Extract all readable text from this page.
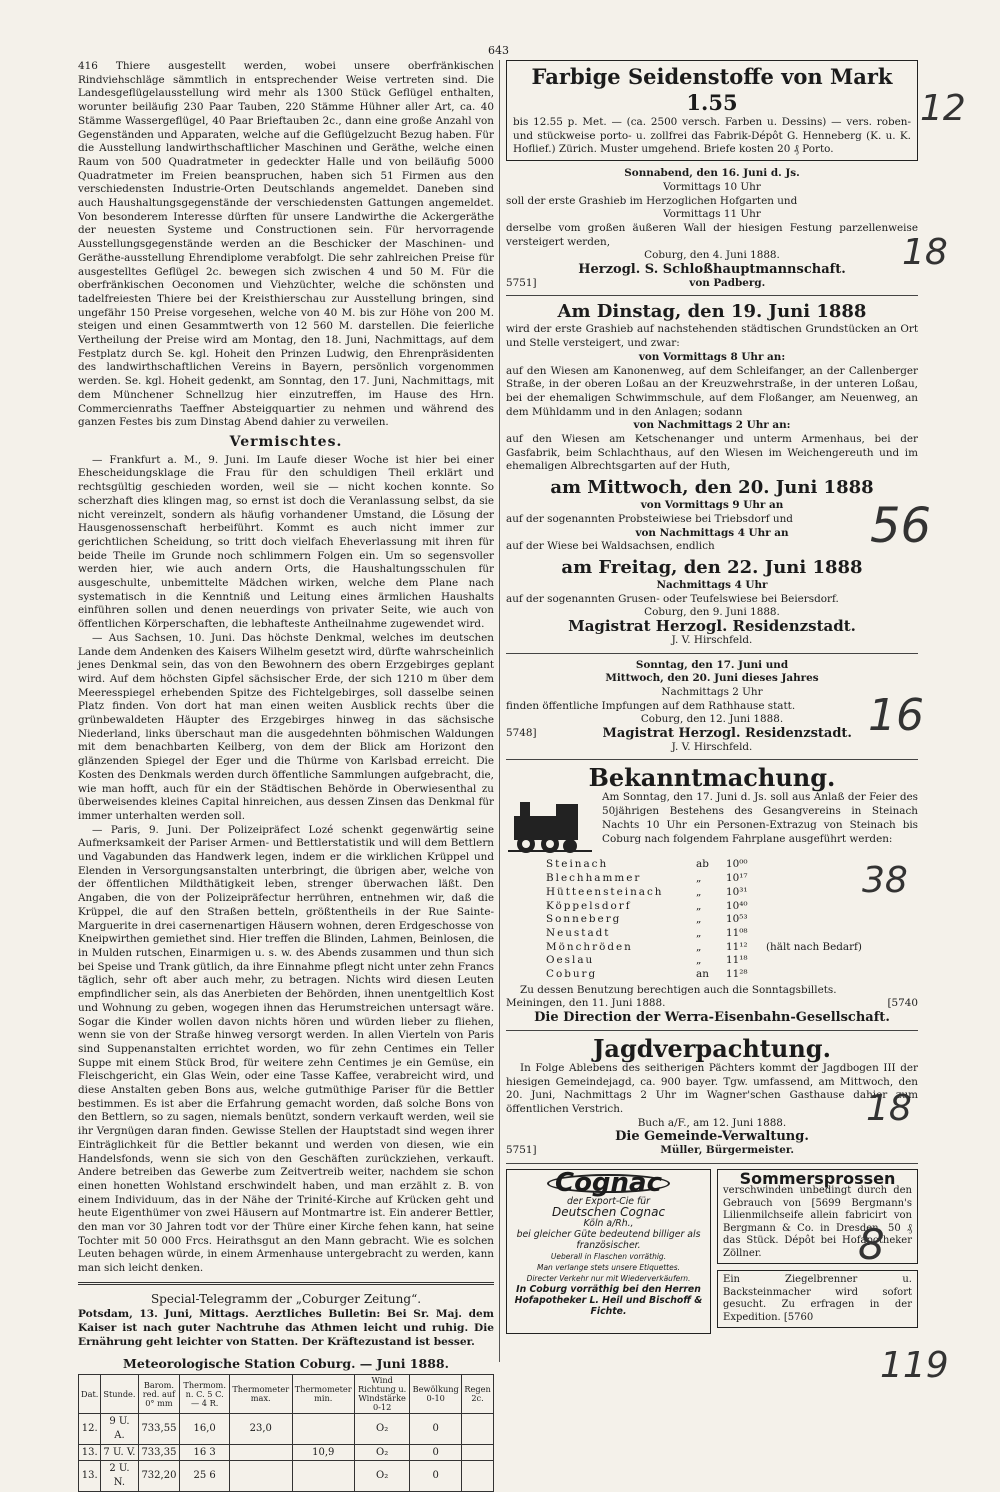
643

416 Thiere ausgestellt werden, wobei unsere oberfränkischen Rindviehschläge sämmtlich in entsprechender Weise vertreten sind. Die Landesgeflügelausstellung wird mehr als 1300 Stück Geflügel enthalten, worunter beiläufig 230 Paar Tauben, 220 Stämme Hühner aller Art, ca. 40 Stämme Wassergeflügel, 40 Paar Brieftauben 2c., dann eine große Anzahl von Gegenständen und Apparaten, welche auf die Geflügelzucht Bezug haben. Für die Ausstellung landwirthschaftlicher Maschinen und Geräthe, welche einen Raum von 500 Quadratmeter in gedeckter Halle und von beiläufig 5000 Quadratmeter im Freien beanspruchen, haben sich 51 Firmen aus den verschiedensten Industrie-Orten Deutschlands angemeldet. Daneben sind auch Haushaltungsgegenstände der verschiedensten Gattungen angemeldet. Von besonderem Interesse dürften für unsere Landwirthe die Ackergeräthe der neuesten Systeme und Constructionen sein. Für hervorragende Ausstellungsgegenstände werden an die Beschicker der Maschinen- und Geräthe-ausstellung Ehrendiplome verabfolgt. Die sehr zahlreichen Preise für ausgestelltes Geflügel 2c. bewegen sich zwischen 4 und 50 M. Für die oberfränkischen Oeconomen und Viehzüchter, welche die schönsten und tadelfreiesten Thiere bei der Kreisthierschau zur Ausstellung bringen, sind ungefähr 150 Preise vorgesehen, welche von 40 M. bis zur Höhe von 200 M. steigen und einen Gesammtwerth von 12 560 M. darstellen. Die feierliche Vertheilung der Preise wird am Montag, den 18. Juni, Nachmittags, auf dem Festplatz durch Se. kgl. Hoheit den Prinzen Ludwig, den Ehrenpräsidenten des landwirthschaftlichen Vereins in Bayern, persönlich vorgenommen werden. Se. kgl. Hoheit gedenkt, am Sonntag, den 17. Juni, Nachmittags, mit dem Münchener Schnellzug hier einzutreffen, im Hause des Hrn. Commercienraths Taeffner Absteigquartier zu nehmen und während des ganzen Festes bis zum Dinstag Abend dahier zu verweilen.

Vermischtes.

— Frankfurt a. M., 9. Juni. Im Laufe dieser Woche ist hier bei einer Ehescheidungsklage die Frau für den schuldigen Theil erklärt und rechtsgültig geschieden worden, weil sie — nicht kochen konnte. So scherzhaft dies klingen mag, so ernst ist doch die Veranlassung selbst, da sie nicht vereinzelt, sondern als häufig vorhandener Umstand, die Lösung der Hausgenossenschaft herbeiführt. Kommt es auch nicht immer zur gerichtlichen Scheidung, so tritt doch vielfach Eheverlassung mit ihren für beide Theile im Grunde noch schlimmern Folgen ein. Um so segensvoller werden hier, wie auch andern Orts, die Haushaltungsschulen für ausgeschulte, unbemittelte Mädchen wirken, welche dem Plane nach systematisch in die Kenntniß und Leitung eines ärmlichen Haushalts einführen sollen und denen neuerdings von privater Seite, wie auch von öffentlichen Körperschaften, die lebhafteste Antheilnahme zugewendet wird.

— Aus Sachsen, 10. Juni. Das höchste Denkmal, welches im deutschen Lande dem Andenken des Kaisers Wilhelm gesetzt wird, dürfte wahrscheinlich jenes Denkmal sein, das von den Bewohnern des obern Erzgebirges geplant wird. Auf dem höchsten Gipfel sächsischer Erde, der sich 1210 m über dem Meeresspiegel erhebenden Spitze des Fichtelgebirges, soll dasselbe seinen Platz finden. Von dort hat man einen weiten Ausblick rechts über die grünbewaldeten Häupter des Erzgebirges hinweg in das sächsische Niederland, links überschaut man die ausgedehnten böhmischen Waldungen mit dem benachbarten Keilberg, von dem der Blick am Horizont den glänzenden Spiegel der Eger und die Thürme von Karlsbad erreicht. Die Kosten des Denkmals werden durch öffentliche Sammlungen aufgebracht, die, wie man hofft, auch für ein der Städtischen Behörde in Oberwiesenthal zu überweisendes kleines Capital hinreichen, aus dessen Zinsen das Denkmal für immer unterhalten werden soll.

— Paris, 9. Juni. Der Polizeipräfect Lozé schenkt gegenwärtig seine Aufmerksamkeit der Pariser Armen- und Bettlerstatistik und will dem Bettlern und Vagabunden das Handwerk legen, indem er die wirklichen Krüppel und Elenden in Versorgungsanstalten unterbringt, die übrigen aber, welche von der öffentlichen Mildthätigkeit leben, strenger überwachen läßt. Den Angaben, die von der Polizeipräfectur herrühren, entnehmen wir, daß die Krüppel, die auf den Straßen betteln, größtentheils in der Rue Sainte-Marguerite in drei casernenartigen Häusern wohnen, deren Erdgeschosse von Kneipwirthen gemiethet sind. Hier treffen die Blinden, Lahmen, Beinlosen, die in Mulden rutschen, Einarmigen u. s. w. des Abends zusammen und thun sich bei Speise und Trank gütlich, da ihre Einnahme pflegt nicht unter zehn Francs täglich, sehr oft aber auch mehr, zu betragen. Nichts wird diesen Leuten empfindlicher sein, als das Anerbieten der Behörden, ihnen unentgeltlich Kost und Wohnung zu geben, wogegen ihnen das Herumstreichen untersagt wäre. Sogar die Kinder wollen davon nichts hören und würden lieber zu fliehen, wenn sie von der Straße hinweg versorgt werden. In allen Vierteln von Paris sind Suppenanstalten errichtet worden, wo für zehn Centimes ein Teller Suppe mit einem Stück Brod, für weitere zehn Centimes je ein Gemüse, ein Fleischgericht, ein Glas Wein, oder eine Tasse Kaffee, verabreicht wird, und diese Anstalten geben Bons aus, welche gutmüthige Pariser für die Bettler bestimmen. Es ist aber die Erfahrung gemacht worden, daß solche Bons von den Bettlern, so zu sagen, niemals benützt, sondern verkauft werden, weil sie ihr Vergnügen daran finden. Gewisse Stellen der Hauptstadt sind wegen ihrer Einträglichkeit für die Bettler bekannt und werden von diesen, wie ein Handelsfonds, wenn sie sich von den Geschäften zurückziehen, verkauft. Andere betreiben das Gewerbe zum Zeitvertreib weiter, nachdem sie schon einen honetten Wohlstand erschwindelt haben, und man erzählt z. B. von einem Individuum, das in der Nähe der Trinité-Kirche auf Krücken geht und heute Eigenthümer von zwei Häusern auf Montmartre ist. Ein anderer Bettler, den man vor 30 Jahren todt vor der Thüre einer Kirche fehen kann, hat seine Tochter mit 50 000 Frcs. Heirathsgut an den Mann gebracht. Wie es solchen Leuten behagen würde, in einem Armenhause untergebracht zu werden, kann man sich leicht denken.

Special-Telegramm der „Coburger Zeitung“.

Potsdam, 13. Juni, Mittags. Aerztliches Bulletin: Bei Sr. Maj. dem Kaiser ist nach guter Nachtruhe das Athmen leicht und ruhig. Die Ernährung geht leichter von Statten. Der Kräftezustand ist besser.

Meteorologische Station Coburg. — Juni 1888.
Dat.	Stunde.	Barom. red. auf 0° mm	Thermom. n. C. 5 C. — 4 R.	Thermometer max.	Thermometer min.	Wind Richtung u. Windstärke 0-12	Bewölkung 0-10	Regen 2c.
12.	9 U. A.	733,55	16,0	23,0		O₂	0	
13.	7 U. V.	733,35	16 3		10,9	O₂	0	
13.	2 U. N.	732,20	25 6			O₂	0	
Farbige Seidenstoffe von Mark 1.55

bis 12.55 p. Met. — (ca. 2500 versch. Farben u. Dessins) — vers. roben- und stückweise porto- u. zollfrei das Fabrik-Dépôt G. Henneberg (K. u. K. Hoflief.) Zürich. Muster umgehend. Briefe kosten 20 ₰ Porto.

Sonnabend, den 16. Juni d. Js.
Vormittags 10 Uhr

soll der erste Grashieb im Herzoglichen Hofgarten und

Vormittags 11 Uhr

derselbe vom großen äußeren Wall der hiesigen Festung parzellenweise versteigert werden,

Coburg, den 4. Juni 1888.
Herzogl. S. Schloßhauptmannschaft.
5751]	von Padberg.
Am Dinstag, den 19. Juni 1888

wird der erste Grashieb auf nachstehenden städtischen Grundstücken an Ort und Stelle versteigert, und zwar:

von Vormittags 8 Uhr an:

auf den Wiesen am Kanonenweg, auf dem Schleifanger, an der Callenberger Straße, in der oberen Loßau an der Kreuzwehrstraße, in der unteren Loßau, bei der ehemaligen Schwimmschule, auf dem Floßanger, am Neuenweg, an dem Mühldamm und in den Anlagen; sodann

von Nachmittags 2 Uhr an:

auf den Wiesen am Ketschenanger und unterm Armenhaus, bei der Gasfabrik, beim Schlachthaus, auf den Wiesen im Weichengereuth und im ehemaligen Albrechtsgarten auf der Huth,

am Mittwoch, den 20. Juni 1888
von Vormittags 9 Uhr an

auf der sogenannten Probsteiwiese bei Triebsdorf und

von Nachmittags 4 Uhr an

auf der Wiese bei Waldsachsen, endlich

am Freitag, den 22. Juni 1888
Nachmittags 4 Uhr

auf der sogenannten Grusen- oder Teufelswiese bei Beiersdorf.

Coburg, den 9. Juni 1888.
Magistrat Herzogl. Residenzstadt.
J. V. Hirschfeld.
Sonntag, den 17. Juni und
Mittwoch, den 20. Juni dieses Jahres
Nachmittags 2 Uhr

finden öffentliche Impfungen auf dem Rathhause statt.

Coburg, den 12. Juni 1888.
5748]	Magistrat Herzogl. Residenzstadt.
J. V. Hirschfeld.
Bekanntmachung.

Am Sonntag, den 17. Juni d. Js. soll aus Anlaß der Feier des 50jährigen Bestehens des Gesangvereins in Steinach Nachts 10 Uhr ein Personen-Extrazug von Steinach bis Coburg nach folgendem Fahrplane ausgeführt werden:

Steinach	ab	10⁰⁰
Blechhammer	„	10¹⁷
Hütteensteinach	„	10³¹
Köppelsdorf	„	10⁴⁰
Sonneberg	„	10⁵³
Neustadt	„	11⁰⁸
Mönchröden	„	11¹²	(hält nach Bedarf)
Oeslau	„	11¹⁸
Coburg	an	11²⁸

Zu dessen Benutzung berechtigen auch die Sonntagsbillets.

Meiningen, den 11. Juni 1888.	[5740
Die Direction der Werra-Eisenbahn-Gesellschaft.
Jagdverpachtung.

In Folge Ablebens des seitherigen Pächters kommt der Jagdbogen III der hiesigen Gemeindejagd, ca. 900 bayer. Tgw. umfassend, am Mittwoch, den 20. Juni, Nachmittags 2 Uhr im Wagner'schen Gasthause dahier zum öffentlichen Verstrich.

Buch a/F., am 12. Juni 1888.
Die Gemeinde-Verwaltung.
5751]	Müller, Bürgermeister.
Cognac
der Export-Cie für
Deutschen Cognac
Köln a/Rh.,
bei gleicher Güte bedeutend billiger als französischer.
Ueberall in Flaschen vorräthig.
Man verlange stets unsere Etiquettes.
Directer Verkehr nur mit Wiederverkäufern.
In Coburg vorräthig bei den Herren Hofapotheker L. Heil und Bischoff & Fichte.
Sommersprossen

verschwinden unbedingt durch den Gebrauch von [5699 Bergmann's Lilienmilchseife allein fabricirt von Bergmann & Co. in Dresden. 50 ₰ das Stück. Dépôt bei Hofapotheker Zöllner.

Ein Ziegelbrenner u. Backsteinmacher wird sofort gesucht. Zu erfragen in der Expedition. [5760

12
18
56
16
38
18
8
119
